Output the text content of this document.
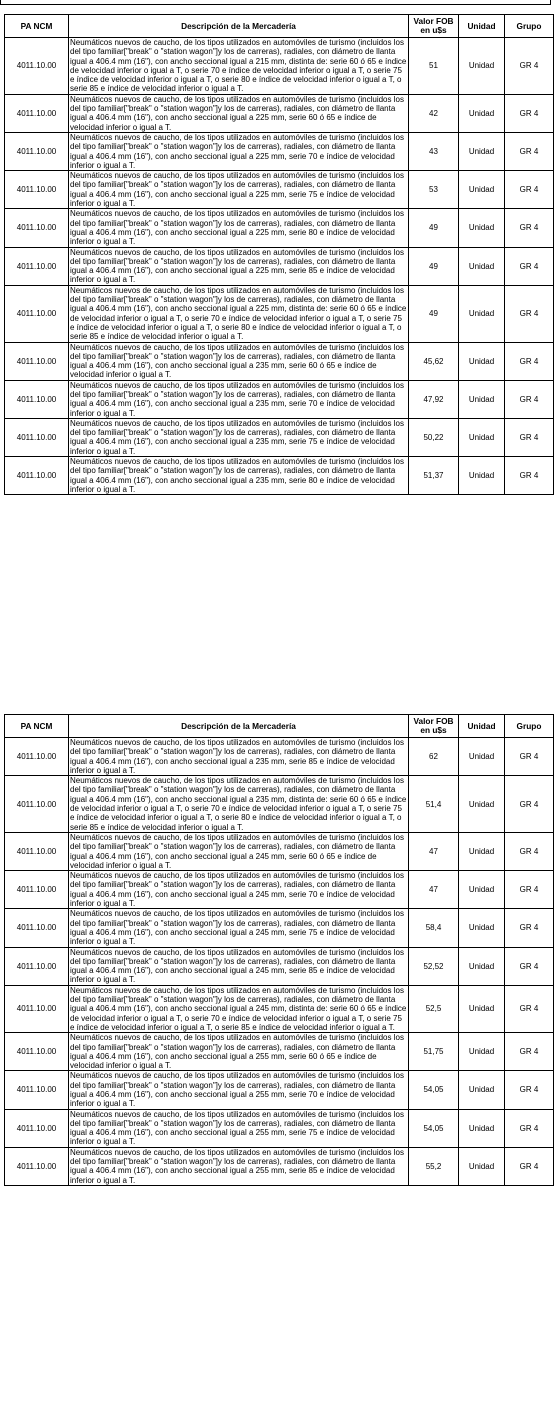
PA NCM	Descripción de la Mercadería	Valor FOB en u$s	Unidad	Grupo
4011.10.00	Neumáticos nuevos de caucho, de los tipos utilizados en automóviles de turismo (incluidos los del tipo familiar["break" o "station wagon"]y los de carreras), radiales, con diámetro de llanta igual a 406.4 mm (16"), con ancho seccional igual a 215 mm, distinta de: serie 60 ó 65 e índice de velocidad inferior o igual a T, o serie 70 e índice de velocidad inferior o igual a T, o serie 75 e índice de velocidad inferior o igual a T, o serie 80 e índice de velocidad inferior o igual a T, o serie 85 e índice de velocidad inferior o igual a T.	51	Unidad	GR 4
4011.10.00	Neumáticos nuevos de caucho, de los tipos utilizados en automóviles de turismo (incluidos los del tipo familiar["break" o "station wagon"]y los de carreras), radiales, con diámetro de llanta igual a 406.4 mm (16"), con ancho seccional igual a 225 mm, serie 60 ó 65 e índice de velocidad inferior o igual a T.	42	Unidad	GR 4
4011.10.00	Neumáticos nuevos de caucho, de los tipos utilizados en automóviles de turismo (incluidos los del tipo familiar["break" o "station wagon"]y los de carreras), radiales, con diámetro de llanta igual a 406.4 mm (16"), con ancho seccional igual a 225 mm, serie 70 e índice de velocidad inferior o igual a T.	43	Unidad	GR 4
4011.10.00	Neumáticos nuevos de caucho, de los tipos utilizados en automóviles de turismo (incluidos los del tipo familiar["break" o "station wagon"]y los de carreras), radiales, con diámetro de llanta igual a 406.4 mm (16"), con ancho seccional igual a 225 mm, serie 75 e índice de velocidad inferior o igual a T.	53	Unidad	GR 4
4011.10.00	Neumáticos nuevos de caucho, de los tipos utilizados en automóviles de turismo (incluidos los del tipo familiar["break" o "station wagon"]y los de carreras), radiales, con diámetro de llanta igual a 406.4 mm (16"), con ancho seccional igual a 225 mm, serie 80 e índice de velocidad inferior o igual a T.	49	Unidad	GR 4
4011.10.00	Neumáticos nuevos de caucho, de los tipos utilizados en automóviles de turismo (incluidos los del tipo familiar["break" o "station wagon"]y los de carreras), radiales, con diámetro de llanta igual a 406.4 mm (16"), con ancho seccional igual a 225 mm, serie 85 e índice de velocidad inferior o igual a T.	49	Unidad	GR 4
4011.10.00	Neumáticos nuevos de caucho, de los tipos utilizados en automóviles de turismo (incluidos los del tipo familiar["break" o "station wagon"]y los de carreras), radiales, con diámetro de llanta igual a 406.4 mm (16"), con ancho seccional igual a 225 mm, distinta de: serie 60 ó 65 e índice de velocidad inferior o igual a T, o serie 70 e índice de velocidad inferior o igual a T, o serie 75 e índice de velocidad inferior o igual a T, o serie 80 e índice de velocidad inferior o igual a T, o serie 85 e índice de velocidad inferior o igual a T.	49	Unidad	GR 4
4011.10.00	Neumáticos nuevos de caucho, de los tipos utilizados en automóviles de turismo (incluidos los del tipo familiar["break" o "station wagon"]y los de carreras), radiales, con diámetro de llanta igual a 406.4 mm (16"), con ancho seccional igual a 235 mm, serie 60 ó 65 e índice de velocidad inferior o igual a T.	45,62	Unidad	GR 4
4011.10.00	Neumáticos nuevos de caucho, de los tipos utilizados en automóviles de turismo (incluidos los del tipo familiar["break" o "station wagon"]y los de carreras), radiales, con diámetro de llanta igual a 406.4 mm (16"), con ancho seccional igual a 235 mm, serie 70 e índice de velocidad inferior o igual a T.	47,92	Unidad	GR 4
4011.10.00	Neumáticos nuevos de caucho, de los tipos utilizados en automóviles de turismo (incluidos los del tipo familiar["break" o "station wagon"]y los de carreras), radiales, con diámetro de llanta igual a 406.4 mm (16"), con ancho seccional igual a 235 mm, serie 75 e índice de velocidad inferior o igual a T.	50,22	Unidad	GR 4
4011.10.00	Neumáticos nuevos de caucho, de los tipos utilizados en automóviles de turismo (incluidos los del tipo familiar["break" o "station wagon"]y los de carreras), radiales, con diámetro de llanta igual a 406.4 mm (16"), con ancho seccional igual a 235 mm, serie 80 e índice de velocidad inferior o igual a T.	51,37	Unidad	GR 4
PA NCM	Descripción de la Mercadería	Valor FOB en u$s	Unidad	Grupo
4011.10.00	Neumáticos nuevos de caucho, de los tipos utilizados en automóviles de turismo (incluidos los del tipo familiar["break" o "station wagon"]y los de carreras), radiales, con diámetro de llanta igual a 406.4 mm (16"), con ancho seccional igual a 235 mm, serie 85 e índice de velocidad inferior o igual a T.	62	Unidad	GR 4
4011.10.00	Neumáticos nuevos de caucho, de los tipos utilizados en automóviles de turismo (incluidos los del tipo familiar["break" o "station wagon"]y los de carreras), radiales, con diámetro de llanta igual a 406.4 mm (16"), con ancho seccional igual a 235 mm, distinta de: serie 60 ó 65 e índice de velocidad inferior o igual a T, o serie 70 e índice de velocidad inferior o igual a T, o serie 75 e índice de velocidad inferior o igual a T, o serie 80 e índice de velocidad inferior o igual a T, o serie 85 e índice de velocidad inferior o igual a T.	51,4	Unidad	GR 4
4011.10.00	Neumáticos nuevos de caucho, de los tipos utilizados en automóviles de turismo (incluidos los del tipo familiar["break" o "station wagon"]y los de carreras), radiales, con diámetro de llanta igual a 406.4 mm (16"), con ancho seccional igual a 245 mm, serie 60 ó 65 e índice de velocidad inferior o igual a T.	47	Unidad	GR 4
4011.10.00	Neumáticos nuevos de caucho, de los tipos utilizados en automóviles de turismo (incluidos los del tipo familiar["break" o "station wagon"]y los de carreras), radiales, con diámetro de llanta igual a 406.4 mm (16"), con ancho seccional igual a 245 mm, serie 70 e índice de velocidad inferior o igual a T.	47	Unidad	GR 4
4011.10.00	Neumáticos nuevos de caucho, de los tipos utilizados en automóviles de turismo (incluidos los del tipo familiar["break" o "station wagon"]y los de carreras), radiales, con diámetro de llanta igual a 406.4 mm (16"), con ancho seccional igual a 245 mm, serie 75 e índice de velocidad inferior o igual a T.	58,4	Unidad	GR 4
4011.10.00	Neumáticos nuevos de caucho, de los tipos utilizados en automóviles de turismo (incluidos los del tipo familiar["break" o "station wagon"]y los de carreras), radiales, con diámetro de llanta igual a 406.4 mm (16"), con ancho seccional igual a 245 mm, serie 85 e índice de velocidad inferior o igual a T.	52,52	Unidad	GR 4
4011.10.00	Neumáticos nuevos de caucho, de los tipos utilizados en automóviles de turismo (incluidos los del tipo familiar["break" o "station wagon"]y los de carreras), radiales, con diámetro de llanta igual a 406.4 mm (16"), con ancho seccional igual a 245 mm, distinta de: serie 60 ó 65 e índice de velocidad inferior o igual a T, o serie 70 e índice de velocidad inferior o igual a T, o serie 75 e índice de velocidad inferior o igual a T, o serie 85 e índice de velocidad inferior o igual a T.	52,5	Unidad	GR 4
4011.10.00	Neumáticos nuevos de caucho, de los tipos utilizados en automóviles de turismo (incluidos los del tipo familiar["break" o "station wagon"]y los de carreras), radiales, con diámetro de llanta igual a 406.4 mm (16"), con ancho seccional igual a 255 mm, serie 60 ó 65 e índice de velocidad inferior o igual a T.	51,75	Unidad	GR 4
4011.10.00	Neumáticos nuevos de caucho, de los tipos utilizados en automóviles de turismo (incluidos los del tipo familiar["break" o "station wagon"]y los de carreras), radiales, con diámetro de llanta igual a 406.4 mm (16"), con ancho seccional igual a 255 mm, serie 70 e índice de velocidad inferior o igual a T.	54,05	Unidad	GR 4
4011.10.00	Neumáticos nuevos de caucho, de los tipos utilizados en automóviles de turismo (incluidos los del tipo familiar["break" o "station wagon"]y los de carreras), radiales, con diámetro de llanta igual a 406.4 mm (16"), con ancho seccional igual a 255 mm, serie 75 e índice de velocidad inferior o igual a T.	54,05	Unidad	GR 4
4011.10.00	Neumáticos nuevos de caucho, de los tipos utilizados en automóviles de turismo (incluidos los del tipo familiar["break" o "station wagon"]y los de carreras), radiales, con diámetro de llanta igual a 406.4 mm (16"), con ancho seccional igual a 255 mm, serie 85 e índice de velocidad inferior o igual a T.	55,2	Unidad	GR 4
